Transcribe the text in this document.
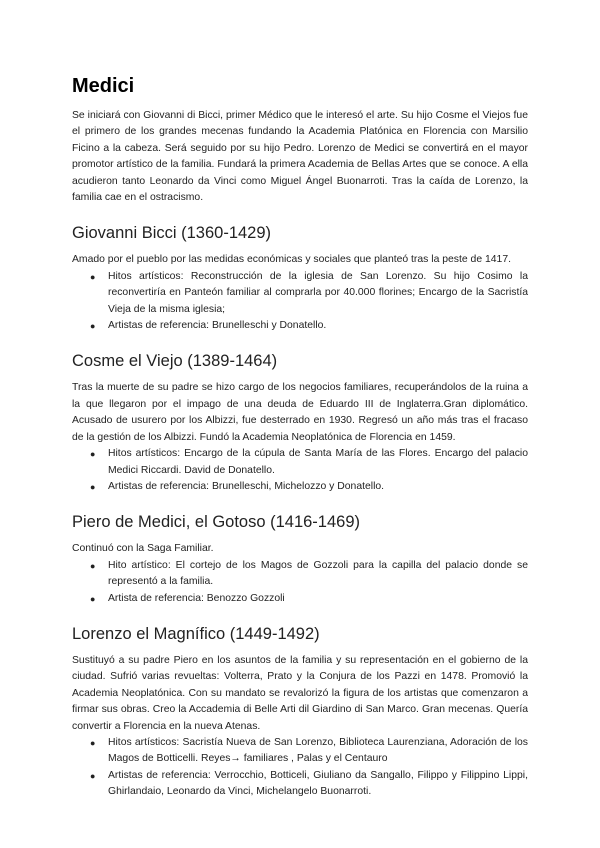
Medici

Se iniciará con Giovanni di Bicci, primer Médico que le interesó el arte. Su hijo Cosme el Viejos fue el primero de los grandes mecenas fundando la Academia Platónica en Florencia con Marsilio Ficino a la cabeza. Será seguido por su hijo Pedro. Lorenzo de Medici se convertirá en el mayor promotor artístico de la familia. Fundará la primera Academia de Bellas Artes que se conoce. A ella acudieron tanto Leonardo da Vinci como Miguel Ángel Buonarroti. Tras la caída de Lorenzo, la familia cae en el ostracismo.

Giovanni Bicci (1360-1429)

Amado por el pueblo por las medidas económicas y sociales que planteó tras la peste de 1417.

● Hitos artísticos: Reconstrucción de la iglesia de San Lorenzo. Su hijo Cosimo la reconvertiría en Panteón familiar al comprarla por 40.000 florines; Encargo de la Sacristía Vieja de la misma iglesia;
● Artistas de referencia: Brunelleschi y Donatello.
Cosme el Viejo (1389-1464)

Tras la muerte de su padre se hizo cargo de los negocios familiares, recuperándolos de la ruina a la que llegaron por el impago de una deuda de Eduardo III de Inglaterra.Gran diplomático. Acusado de usurero por los Albizzi, fue desterrado en 1930. Regresó un año más tras el fracaso de la gestión de los Albizzi. Fundó la Academia Neoplatónica de Florencia en 1459.

● Hitos artísticos: Encargo de la cúpula de Santa María de las Flores. Encargo del palacio Medici Riccardi. David de Donatello.
● Artistas de referencia: Brunelleschi, Michelozzo y Donatello.
Piero de Medici, el Gotoso (1416-1469)

Continuó con la Saga Familiar.

● Hito artístico: El cortejo de los Magos de Gozzoli para la capilla del palacio donde se representó a la familia.
● Artista de referencia: Benozzo Gozzoli
Lorenzo el Magnífico (1449-1492)

Sustituyó a su padre Piero en los asuntos de la familia y su representación en el gobierno de la ciudad. Sufrió varias revueltas: Volterra, Prato y la Conjura de los Pazzi en 1478. Promovió la Academia Neoplatónica. Con su mandato se revalorizó la figura de los artistas que comenzaron a firmar sus obras. Creo la Accademia di Belle Arti dil Giardino di San Marco. Gran mecenas. Quería convertir a Florencia en la nueva Atenas.

● Hitos artísticos: Sacristía Nueva de San Lorenzo, Biblioteca Laurenziana, Adoración de los Magos de Botticelli. Reyes→ familiares , Palas y el Centauro
● Artistas de referencia: Verrocchio, Botticeli, Giuliano da Sangallo, Filippo y Filippino Lippi, Ghirlandaio, Leonardo da Vinci, Michelangelo Buonarroti.
